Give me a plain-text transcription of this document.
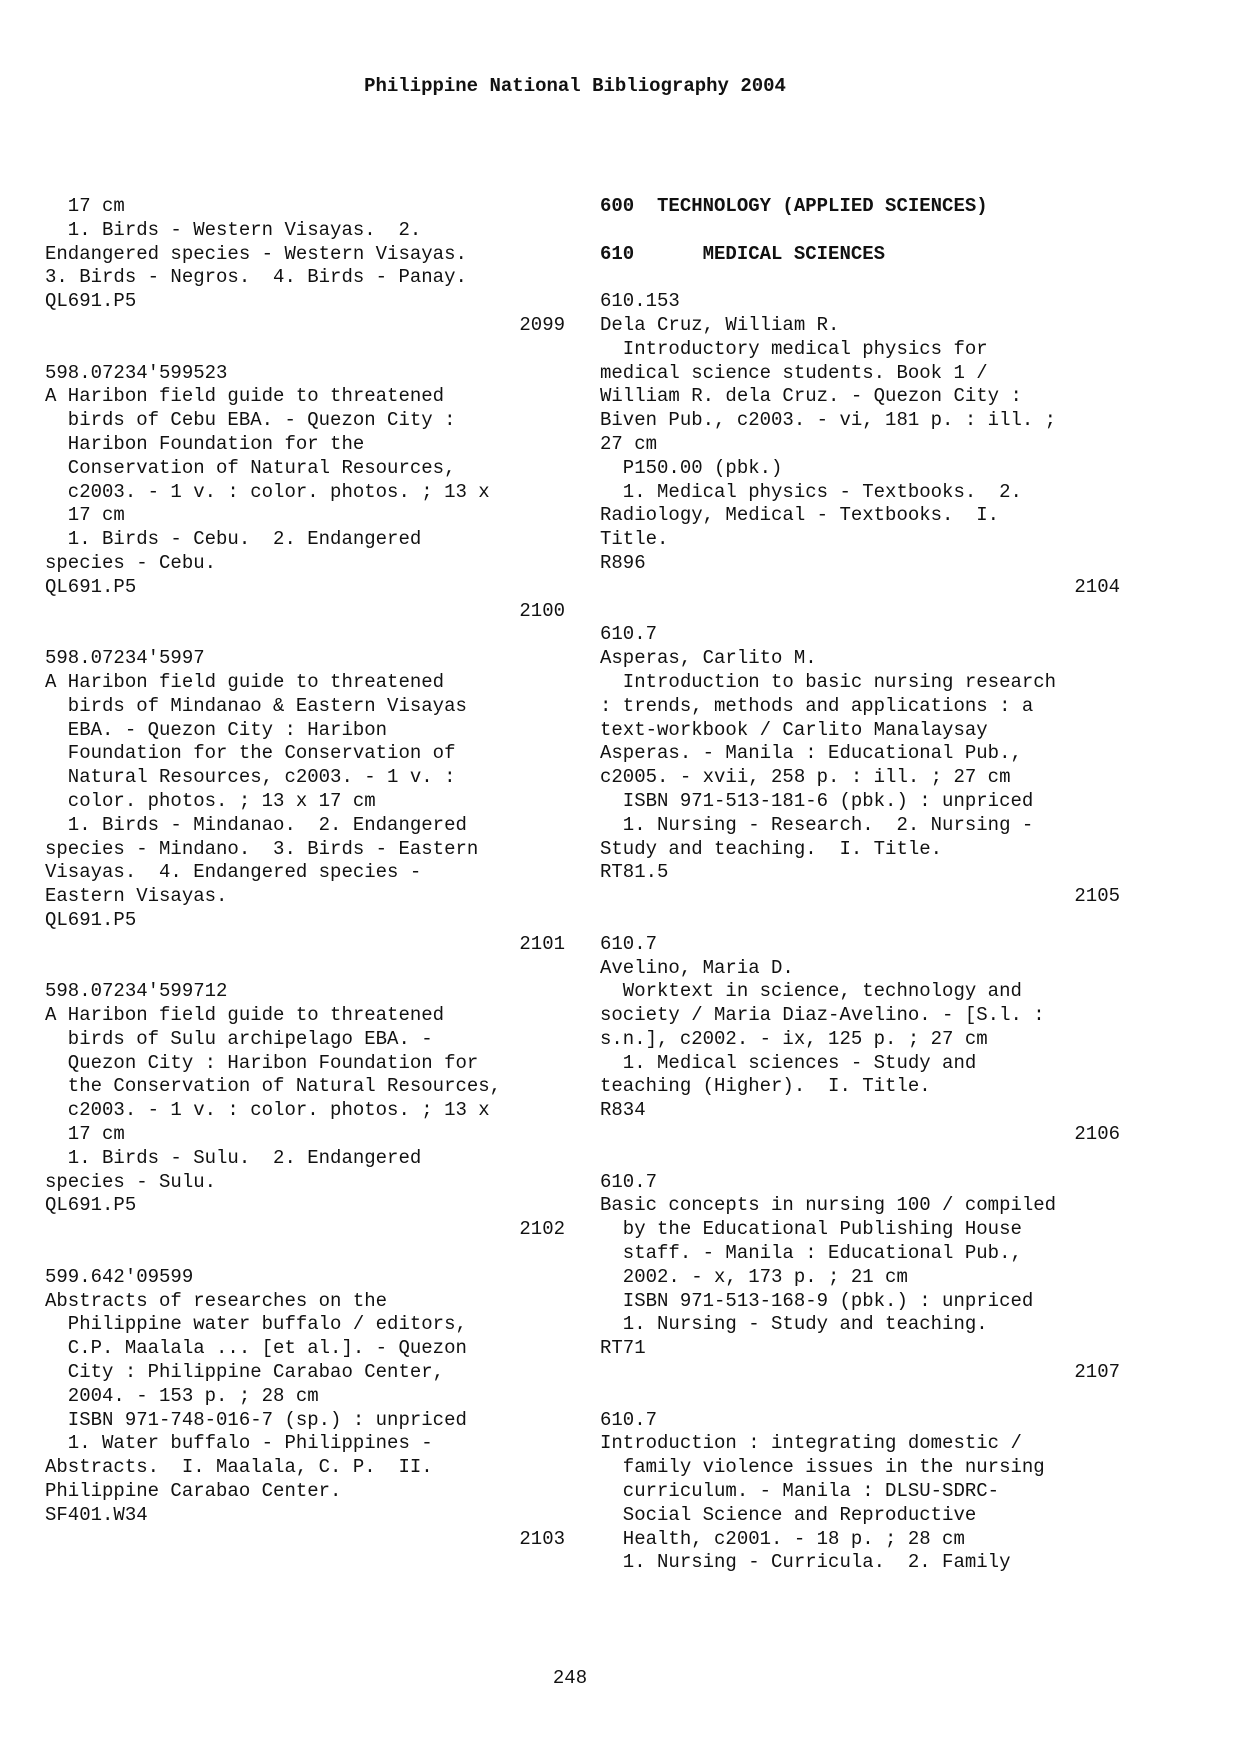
Philippine National Bibliography 2004
17 cm
1. Birds - Western Visayas.  2.
Endangered species - Western Visayas.
3. Birds - Negros.  4. Birds - Panay.
QL691.P5
2099
598.07234'599523
A Haribon field guide to threatened
birds of Cebu EBA. - Quezon City :
Haribon Foundation for the
Conservation of Natural Resources,
c2003. - 1 v. : color. photos. ; 13 x
17 cm
1. Birds - Cebu.  2. Endangered
species - Cebu.
QL691.P5
2100
598.07234'5997
A Haribon field guide to threatened
birds of Mindanao & Eastern Visayas
EBA. - Quezon City : Haribon
Foundation for the Conservation of
Natural Resources, c2003. - 1 v. :
color. photos. ; 13 x 17 cm
1. Birds - Mindanao.  2. Endangered
species - Mindano.  3. Birds - Eastern
Visayas.  4. Endangered species -
Eastern Visayas.
QL691.P5
2101
598.07234'599712
A Haribon field guide to threatened
birds of Sulu archipelago EBA. -
Quezon City : Haribon Foundation for
the Conservation of Natural Resources,
c2003. - 1 v. : color. photos. ; 13 x
17 cm
1. Birds - Sulu.  2. Endangered
species - Sulu.
QL691.P5
2102
599.642'09599
Abstracts of researches on the
Philippine water buffalo / editors,
C.P. Maalala ... [et al.]. - Quezon
City : Philippine Carabao Center,
2004. - 153 p. ; 28 cm
ISBN 971-748-016-7 (sp.) : unpriced
1. Water buffalo - Philippines -
Abstracts.  I. Maalala, C. P.  II.
Philippine Carabao Center.
SF401.W34
2103
600  TECHNOLOGY (APPLIED SCIENCES)
610      MEDICAL SCIENCES
610.153
Dela Cruz, William R.
Introductory medical physics for
medical science students. Book 1 /
William R. dela Cruz. - Quezon City :
Biven Pub., c2003. - vi, 181 p. : ill. ;
27 cm
P150.00 (pbk.)
1. Medical physics - Textbooks.  2.
Radiology, Medical - Textbooks.  I.
Title.
R896
2104
610.7
Asperas, Carlito M.
Introduction to basic nursing research
: trends, methods and applications : a
text-workbook / Carlito Manalaysay
Asperas. - Manila : Educational Pub.,
c2005. - xvii, 258 p. : ill. ; 27 cm
ISBN 971-513-181-6 (pbk.) : unpriced
1. Nursing - Research.  2. Nursing -
Study and teaching.  I. Title.
RT81.5
2105
610.7
Avelino, Maria D.
Worktext in science, technology and
society / Maria Diaz-Avelino. - [S.l. :
s.n.], c2002. - ix, 125 p. ; 27 cm
1. Medical sciences - Study and
teaching (Higher).  I. Title.
R834
2106
610.7
Basic concepts in nursing 100 / compiled
by the Educational Publishing House
staff. - Manila : Educational Pub.,
2002. - x, 173 p. ; 21 cm
ISBN 971-513-168-9 (pbk.) : unpriced
1. Nursing - Study and teaching.
RT71
2107
610.7
Introduction : integrating domestic /
family violence issues in the nursing
curriculum. - Manila : DLSU-SDRC-
Social Science and Reproductive
Health, c2001. - 18 p. ; 28 cm
1. Nursing - Curricula.  2. Family
248
